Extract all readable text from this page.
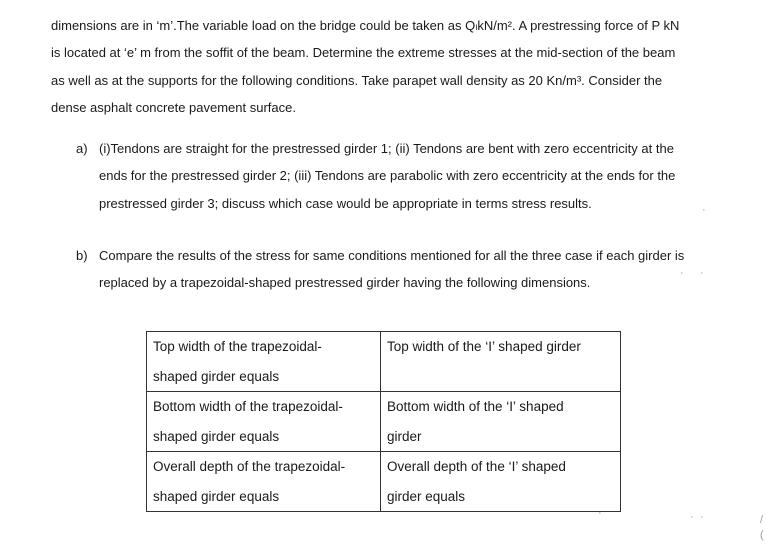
dimensions are in ‘m’.The variable load on the bridge could be taken as QₗkN/m². A prestressing force of P kN
is located at ‘e’ m from the soffit of the beam. Determine the extreme stresses at the mid-section of the beam
as well as at the supports for the following conditions. Take parapet wall density as 20 Kn/m³. Consider the
dense asphalt concrete pavement surface.

a) (i)Tendons are straight for the prestressed girder 1; (ii) Tendons are bent with zero eccentricity at the
ends for the prestressed girder 2; (iii) Tendons are parabolic with zero eccentricity at the ends for the
prestressed girder 3; discuss which case would be appropriate in terms stress results.
b) Compare the results of the stress for same conditions mentioned for all the three case if each girder is
replaced by a trapezoidal-shaped prestressed girder having the following dimensions.
Top width of the trapezoidal-
shaped girder equals	Top width of the ‘I’ shaped girder

Bottom width of the trapezoidal-
shaped girder equals	Bottom width of the ‘I’ shaped
girder

Overall depth of the trapezoidal-
shaped girder equals	Overall depth of the ‘I’ shaped
girder equals
·
· ·
·	· ·	/
(
